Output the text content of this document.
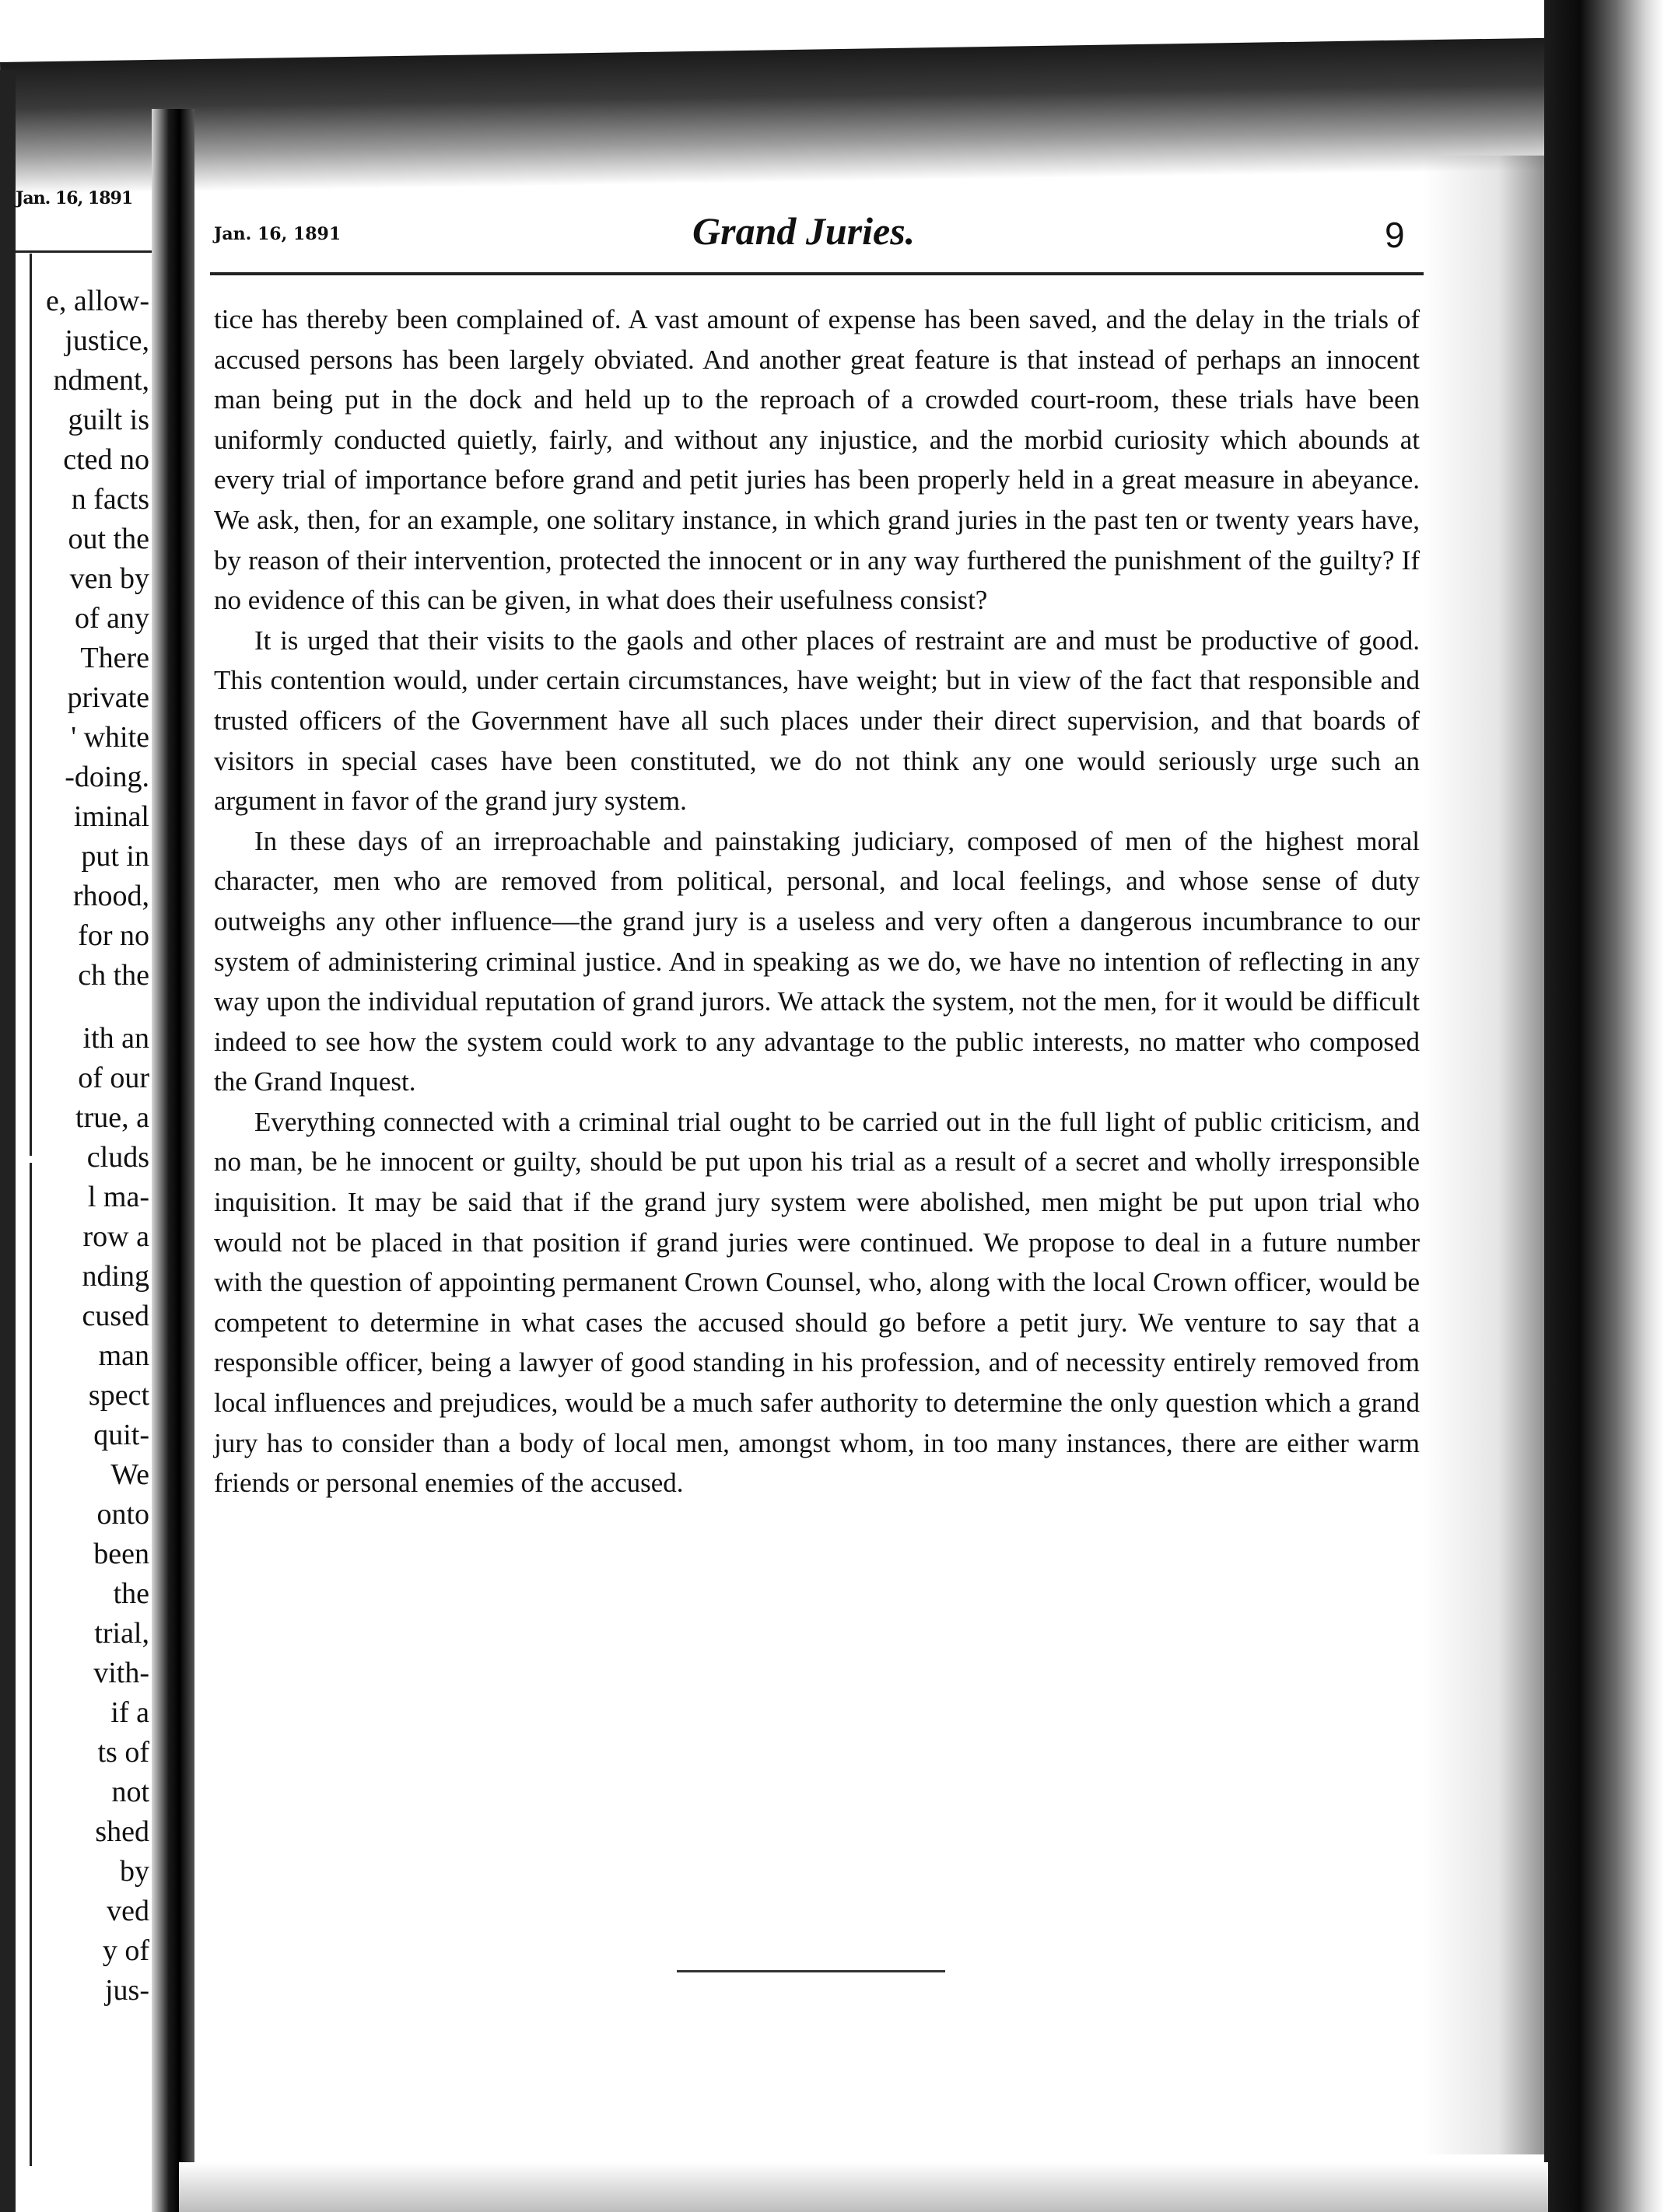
Jan. 16, 1891
e, allow-
justice,
ndment,
guilt is
cted no
n facts
out the
ven by
of any
There
private
' white
-doing.
iminal
put in
rhood,
for no
ch the
ith an
of our
true, a
cluds
l ma-
row a
nding
cused
man
spect
quit-
We
onto
been
the
trial,
vith-
if a
ts of
not
shed
by
ved
y of
jus-
Jan. 16, 1891	Grand Juries.	9

tice has thereby been complained of. A vast amount of expense has been saved, and the delay in the trials of accused persons has been largely obviated. And another great feature is that instead of perhaps an innocent man being put in the dock and held up to the reproach of a crowded court-room, these trials have been uniformly conducted quietly, fairly, and without any injustice, and the morbid curiosity which abounds at every trial of importance before grand and petit juries has been properly held in a great measure in abeyance. We ask, then, for an example, one solitary instance, in which grand juries in the past ten or twenty years have, by reason of their intervention, protected the innocent or in any way furthered the punishment of the guilty? If no evidence of this can be given, in what does their usefulness consist?

It is urged that their visits to the gaols and other places of restraint are and must be productive of good. This contention would, under certain circumstances, have weight; but in view of the fact that responsible and trusted officers of the Government have all such places under their direct supervision, and that boards of visitors in special cases have been constituted, we do not think any one would seriously urge such an argument in favor of the grand jury system.

In these days of an irreproachable and painstaking judiciary, composed of men of the highest moral character, men who are removed from political, personal, and local feelings, and whose sense of duty outweighs any other influence—the grand jury is a useless and very often a dangerous incumbrance to our system of administering criminal justice. And in speaking as we do, we have no intention of reflecting in any way upon the individual reputation of grand jurors. We attack the system, not the men, for it would be difficult indeed to see how the system could work to any advantage to the public interests, no matter who composed the Grand Inquest.

Everything connected with a criminal trial ought to be carried out in the full light of public criticism, and no man, be he innocent or guilty, should be put upon his trial as a result of a secret and wholly irresponsible inquisition. It may be said that if the grand jury system were abolished, men might be put upon trial who would not be placed in that position if grand juries were continued. We propose to deal in a future number with the question of appointing permanent Crown Counsel, who, along with the local Crown officer, would be competent to determine in what cases the accused should go before a petit jury. We venture to say that a responsible officer, being a lawyer of good standing in his profession, and of necessity entirely removed from local influences and prejudices, would be a much safer authority to determine the only question which a grand jury has to consider than a body of local men, amongst whom, in too many instances, there are either warm friends or personal enemies of the accused.
